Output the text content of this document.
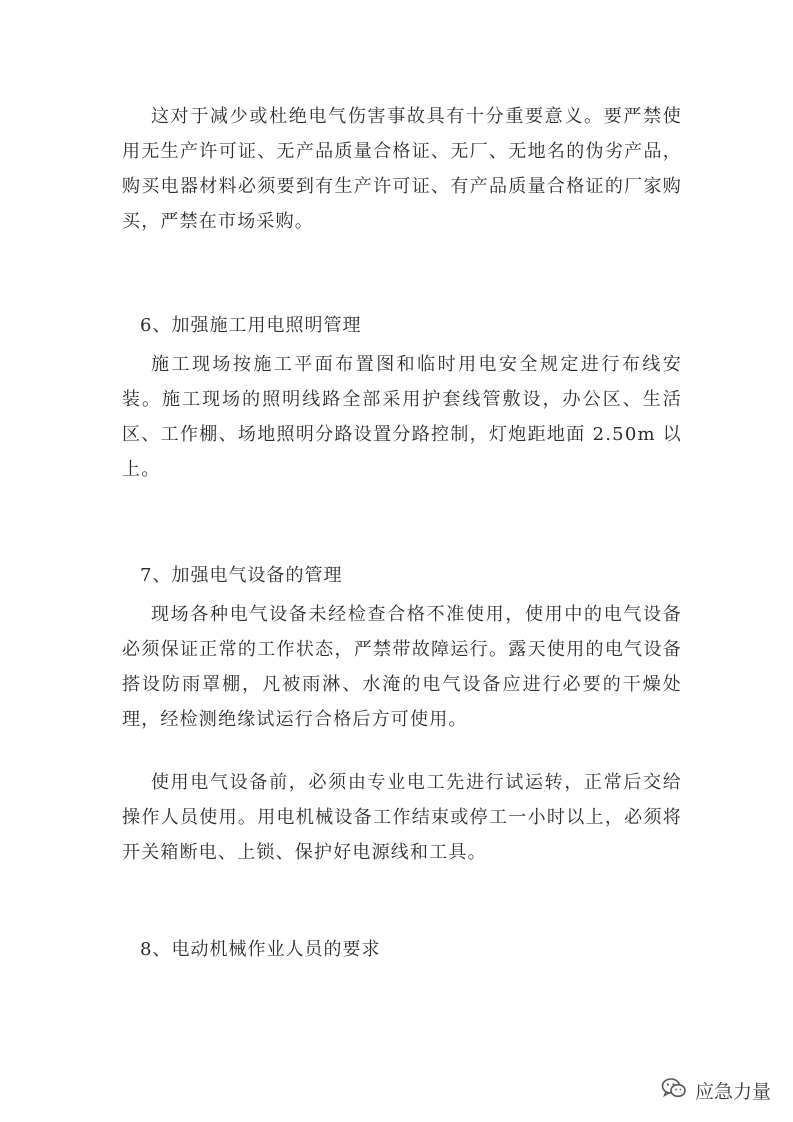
这对于减少或杜绝电气伤害事故具有十分重要意义。要严禁使用无生产许可证、无产品质量合格证、无厂、无地名的伪劣产品，购买电器材料必须要到有生产许可证、有产品质量合格证的厂家购买，严禁在市场采购。

6、加强施工用电照明管理

施工现场按施工平面布置图和临时用电安全规定进行布线安装。施工现场的照明线路全部采用护套线管敷设，办公区、生活区、工作棚、场地照明分路设置分路控制，灯炮距地面 2.50m 以上。

7、加强电气设备的管理

现场各种电气设备未经检查合格不准使用，使用中的电气设备必须保证正常的工作状态，严禁带故障运行。露天使用的电气设备搭设防雨罩棚，凡被雨淋、水淹的电气设备应进行必要的干燥处理，经检测绝缘试运行合格后方可使用。

使用电气设备前，必须由专业电工先进行试运转，正常后交给操作人员使用。用电机械设备工作结束或停工一小时以上，必须将开关箱断电、上锁、保护好电源线和工具。

8、电动机械作业人员的要求

应急力量
